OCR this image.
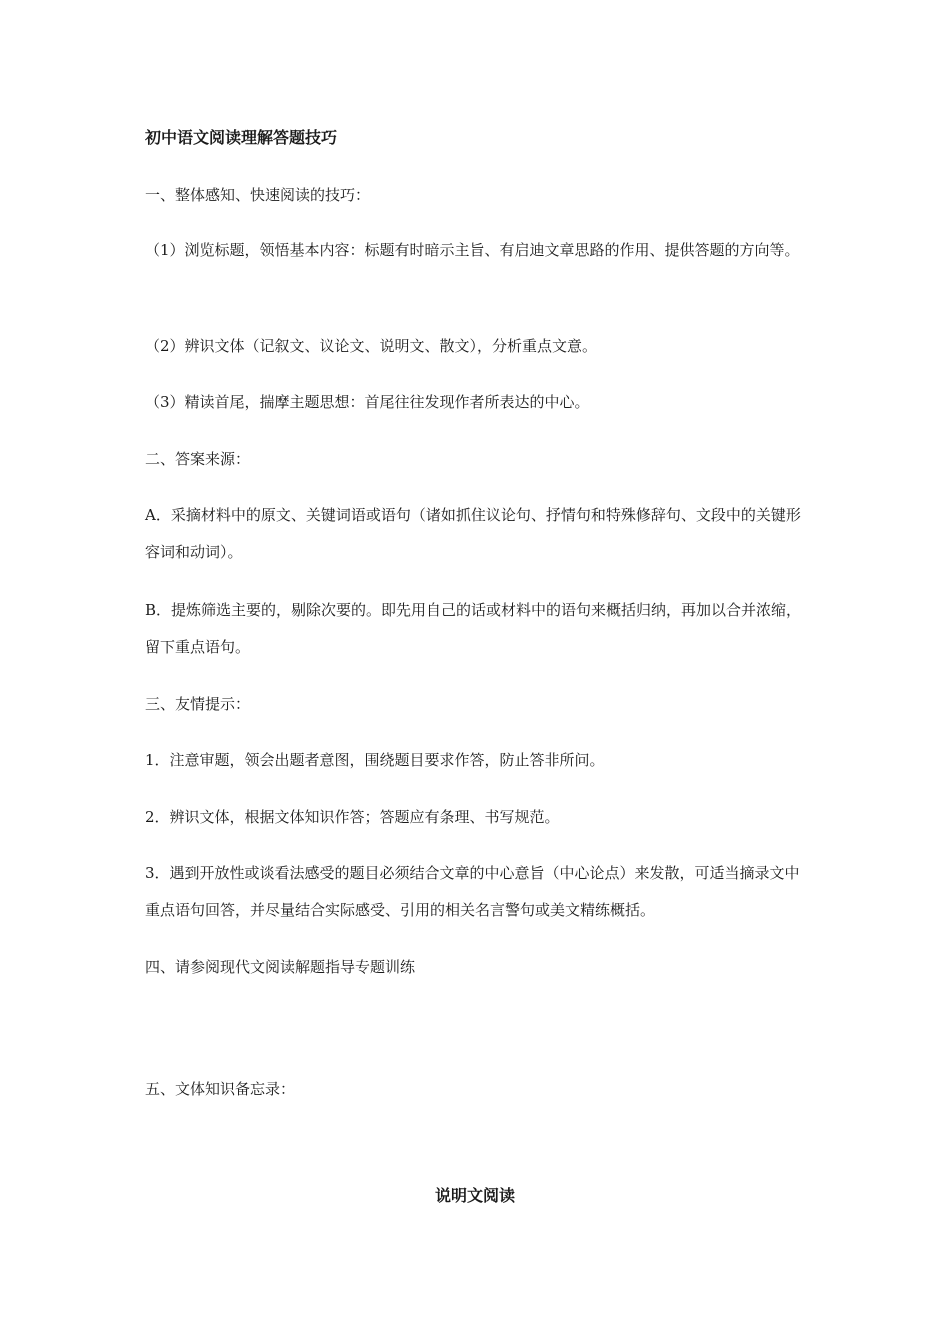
初中语文阅读理解答题技巧

一、整体感知、快速阅读的技巧：

（1）浏览标题，领悟基本内容：标题有时暗示主旨、有启迪文章思路的作用、提供答题的方向等。

（2）辨识文体（记叙文、议论文、说明文、散文），分析重点文意。

（3）精读首尾，揣摩主题思想：首尾往往发现作者所表达的中心。

二、答案来源：

A．采摘材料中的原文、关键词语或语句（诸如抓住议论句、抒情句和特殊修辞句、文段中的关键形容词和动词）。

B．提炼筛选主要的，剔除次要的。即先用自己的话或材料中的语句来概括归纳，再加以合并浓缩，留下重点语句。

三、友情提示：

1．注意审题，领会出题者意图，围绕题目要求作答，防止答非所问。

2．辨识文体，根据文体知识作答；答题应有条理、书写规范。

3．遇到开放性或谈看法感受的题目必须结合文章的中心意旨（中心论点）来发散，可适当摘录文中重点语句回答，并尽量结合实际感受、引用的相关名言警句或美文精练概括。

四、请参阅现代文阅读解题指导专题训练

五、文体知识备忘录：

说明文阅读
